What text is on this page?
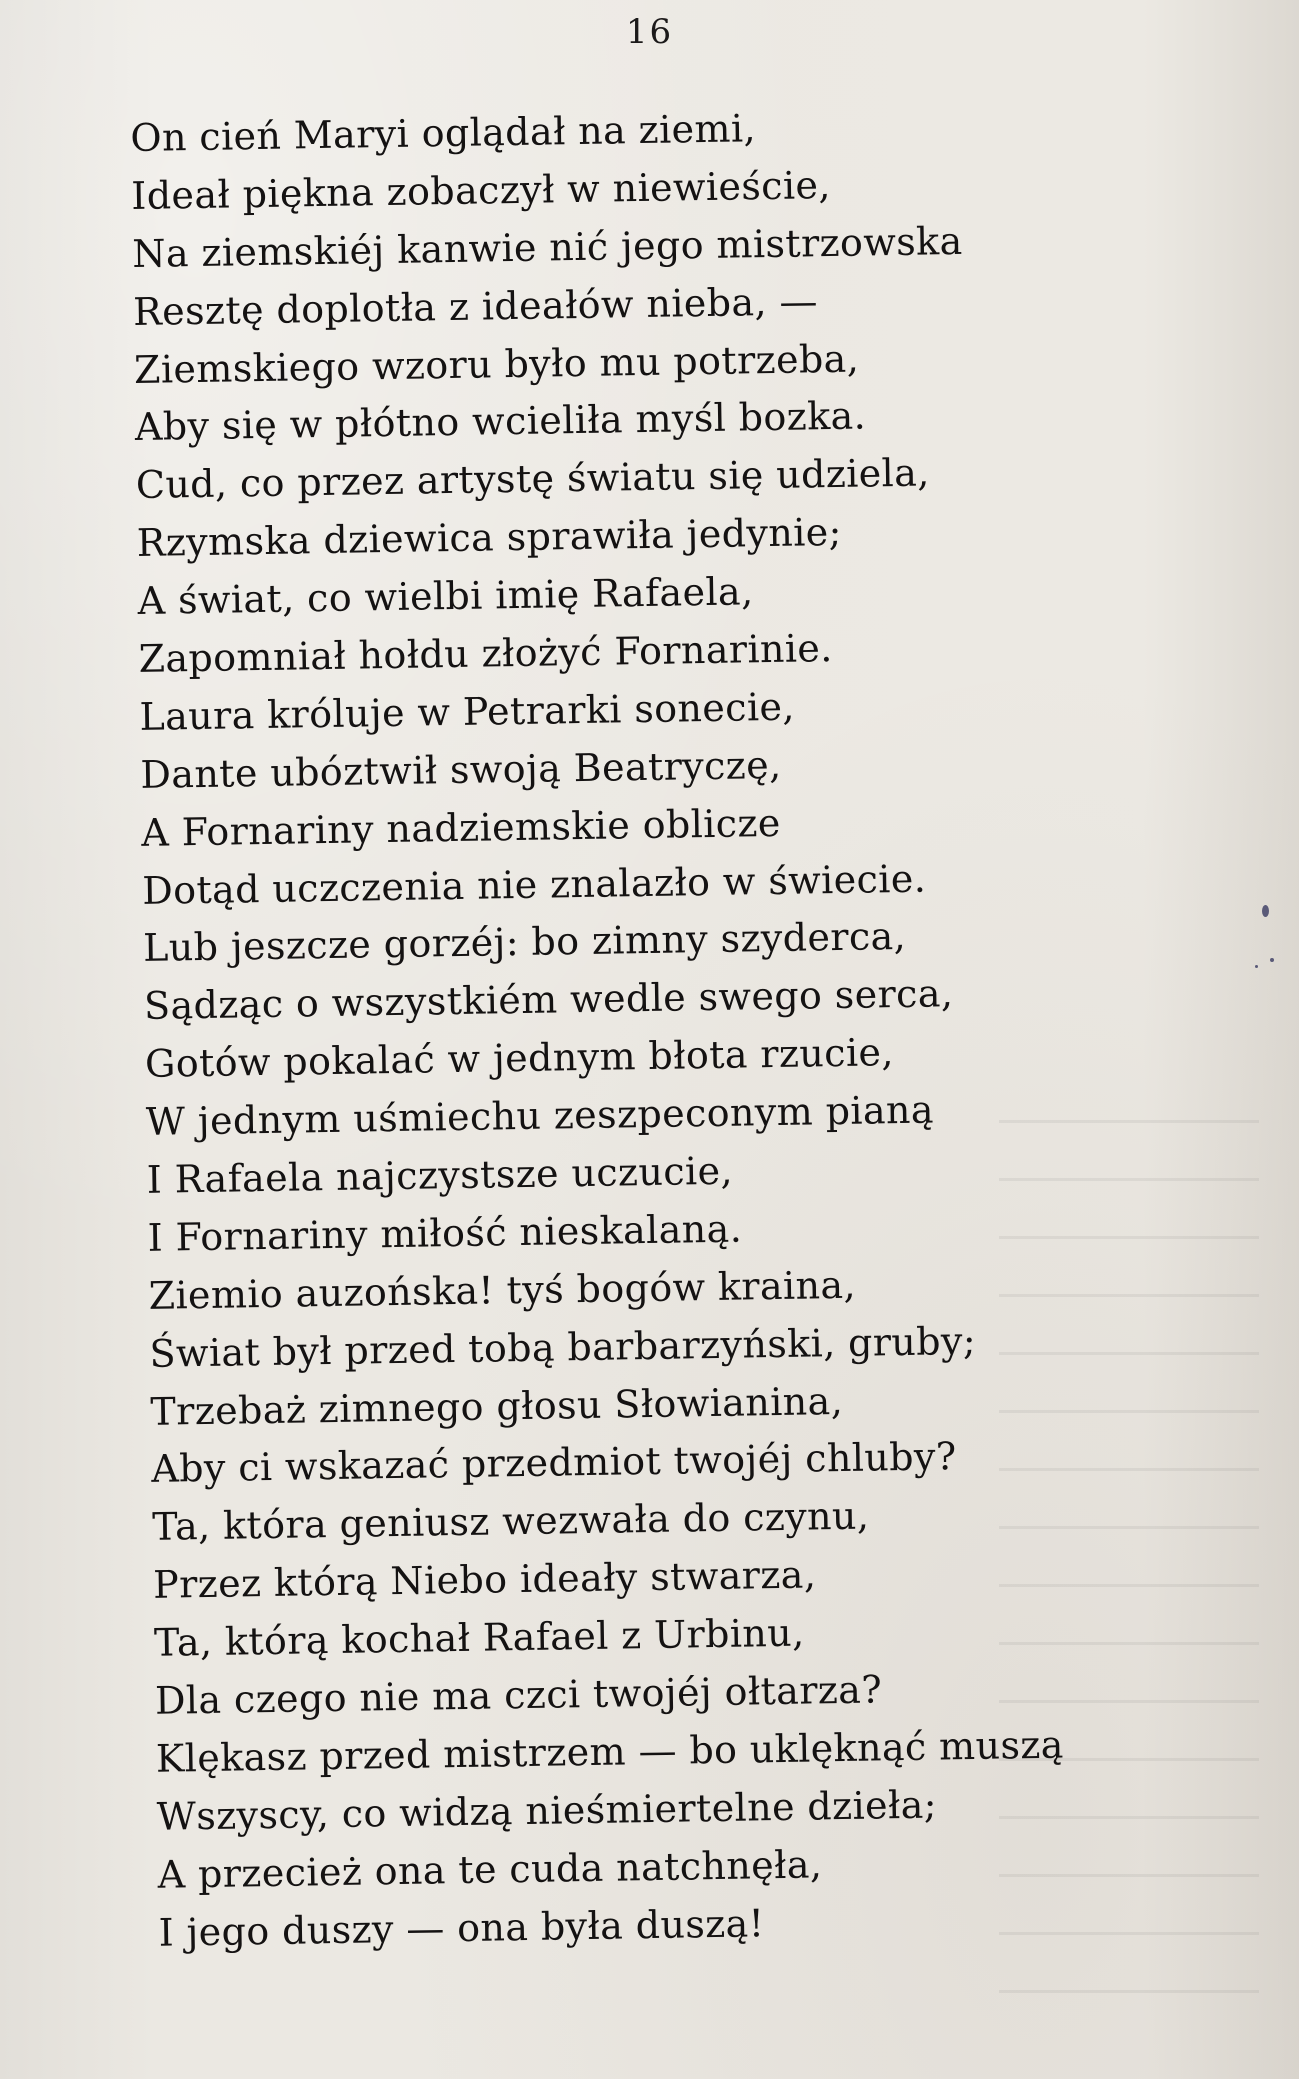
16
On cień Maryi oglądał na ziemi,
Ideał piękna zobaczył w niewieście,
Na ziemskiéj kanwie nić jego mistrzowska
Resztę doplotła z ideałów nieba, —
Ziemskiego wzoru było mu potrzeba,
Aby się w płótno wcieliła myśl bozka.
Cud, co przez artystę światu się udziela,
Rzymska dziewica sprawiła jedynie;
A świat, co wielbi imię Rafaela,
Zapomniał hołdu złożyć Fornarinie.
Laura króluje w Petrarki sonecie,
Dante ubóztwił swoją Beatryczę,
A Fornariny nadziemskie oblicze
Dotąd uczczenia nie znalazło w świecie.
Lub jeszcze gorzéj: bo zimny szyderca,
Sądząc o wszystkiém wedle swego serca,
Gotów pokalać w jednym błota rzucie,
W jednym uśmiechu zeszpeconym pianą
I Rafaela najczystsze uczucie,
I Fornariny miłość nieskalaną.
Ziemio auzońska! tyś bogów kraina,
Świat był przed tobą barbarzyński, gruby;
Trzebaż zimnego głosu Słowianina,
Aby ci wskazać przedmiot twojéj chluby?
Ta, która geniusz wezwała do czynu,
Przez którą Niebo ideały stwarza,
Ta, którą kochał Rafael z Urbinu,
Dla czego nie ma czci twojéj ołtarza?
Klękasz przed mistrzem — bo uklęknąć muszą
Wszyscy, co widzą nieśmiertelne dzieła;
A przecież ona te cuda natchnęła,
I jego duszy — ona była duszą!
